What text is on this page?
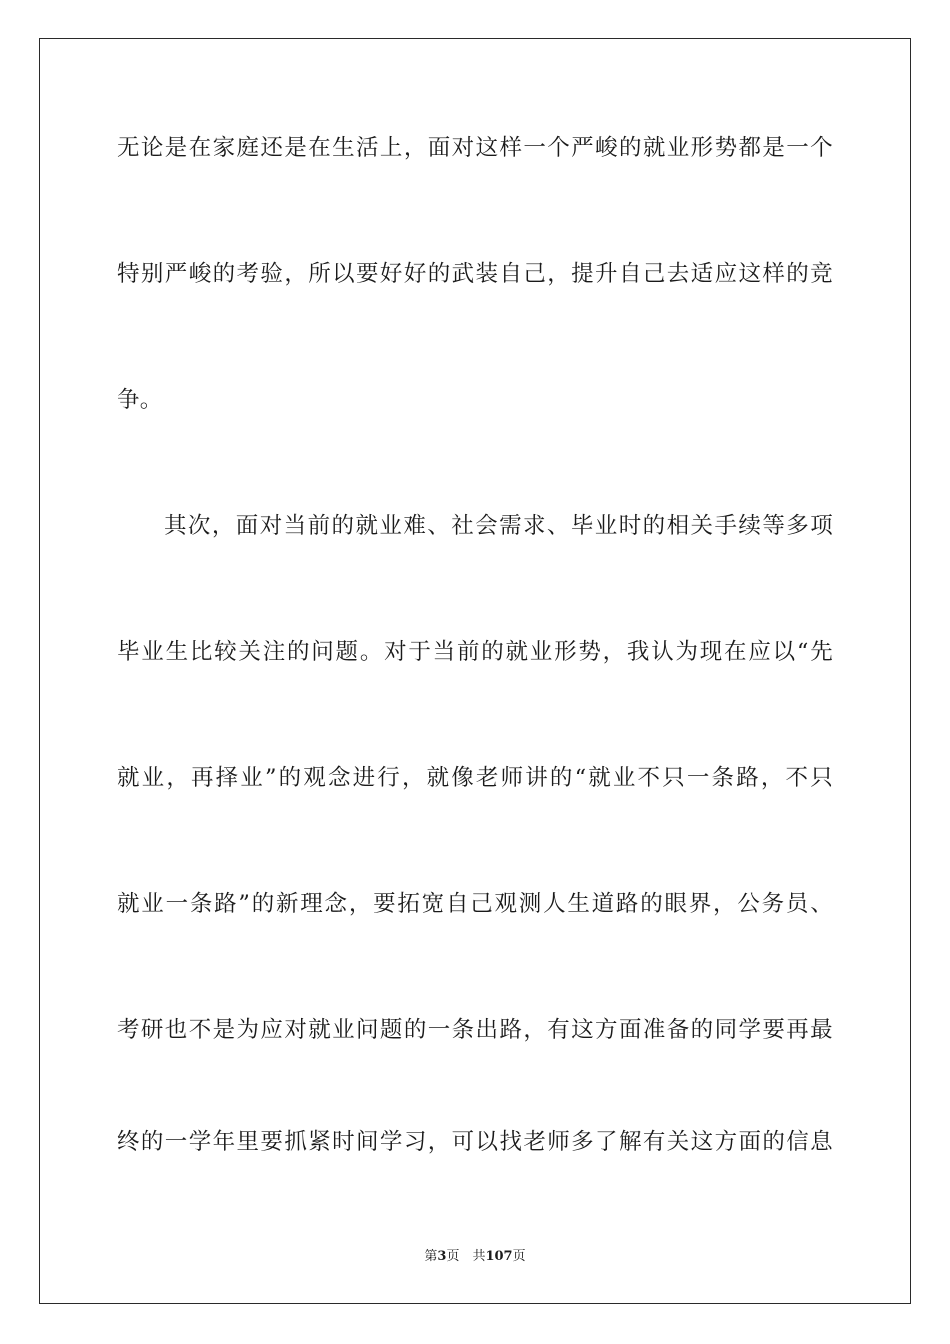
无论是在家庭还是在生活上，面对这样一个严峻的就业形势都是一个
特别严峻的考验，所以要好好的武装自己，提升自己去适应这样的竞
争。
其次，面对当前的就业难、社会需求、毕业时的相关手续等多项
毕业生比较关注的问题。对于当前的就业形势，我认为现在应以“先
就业，再择业”的观念进行，就像老师讲的“就业不只一条路，不只
就业一条路”的新理念，要拓宽自己观测人生道路的眼界，公务员、
考研也不是为应对就业问题的一条出路，有这方面准备的同学要再最
终的一学年里要抓紧时间学习，可以找老师多了解有关这方面的信息
第3页　共107页
